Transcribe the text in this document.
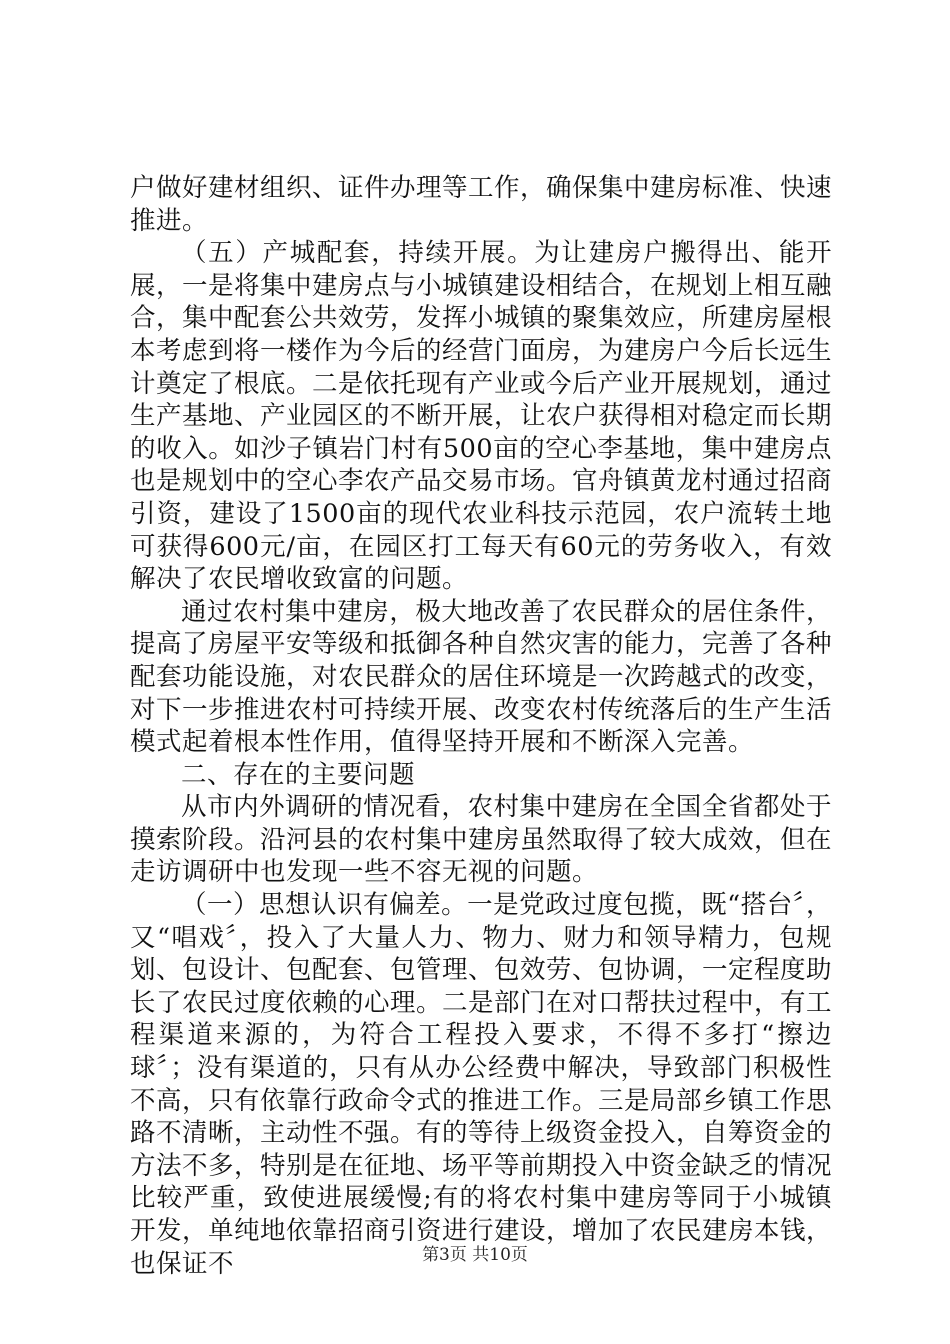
户做好建材组织、证件办理等工作，确保集中建房标准、快速推进。

（五）产城配套，持续开展。为让建房户搬得出、能开展，一是将集中建房点与小城镇建设相结合，在规划上相互融合，集中配套公共效劳，发挥小城镇的聚集效应，所建房屋根本考虑到将一楼作为今后的经营门面房，为建房户今后长远生计奠定了根底。二是依托现有产业或今后产业开展规划，通过生产基地、产业园区的不断开展，让农户获得相对稳定而长期的收入。如沙子镇岩门村有500亩的空心李基地，集中建房点也是规划中的空心李农产品交易市场。官舟镇黄龙村通过招商引资，建设了1500亩的现代农业科技示范园，农户流转土地可获得600元/亩，在园区打工每天有60元的劳务收入，有效解决了农民增收致富的问题。

通过农村集中建房，极大地改善了农民群众的居住条件，提高了房屋平安等级和抵御各种自然灾害的能力，完善了各种配套功能设施，对农民群众的居住环境是一次跨越式的改变，对下一步推进农村可持续开展、改变农村传统落后的生产生活模式起着根本性作用，值得坚持开展和不断深入完善。

二、存在的主要问题

从市内外调研的情况看，农村集中建房在全国全省都处于摸索阶段。沿河县的农村集中建房虽然取得了较大成效，但在走访调研中也发现一些不容无视的问题。

（一）思想认识有偏差。一是党政过度包揽，既“搭台〞，又“唱戏〞，投入了大量人力、物力、财力和领导精力，包规划、包设计、包配套、包管理、包效劳、包协调，一定程度助长了农民过度依赖的心理。二是部门在对口帮扶过程中，有工程渠道来源的，为符合工程投入要求，不得不多打“擦边球〞；没有渠道的，只有从办公经费中解决，导致部门积极性不高，只有依靠行政命令式的推进工作。三是局部乡镇工作思路不清晰，主动性不强。有的等待上级资金投入，自筹资金的方法不多，特别是在征地、场平等前期投入中资金缺乏的情况比较严重，致使进展缓慢;有的将农村集中建房等同于小城镇开发，单纯地依靠招商引资进行建设，增加了农民建房本钱，也保证不	第3页 共10页
